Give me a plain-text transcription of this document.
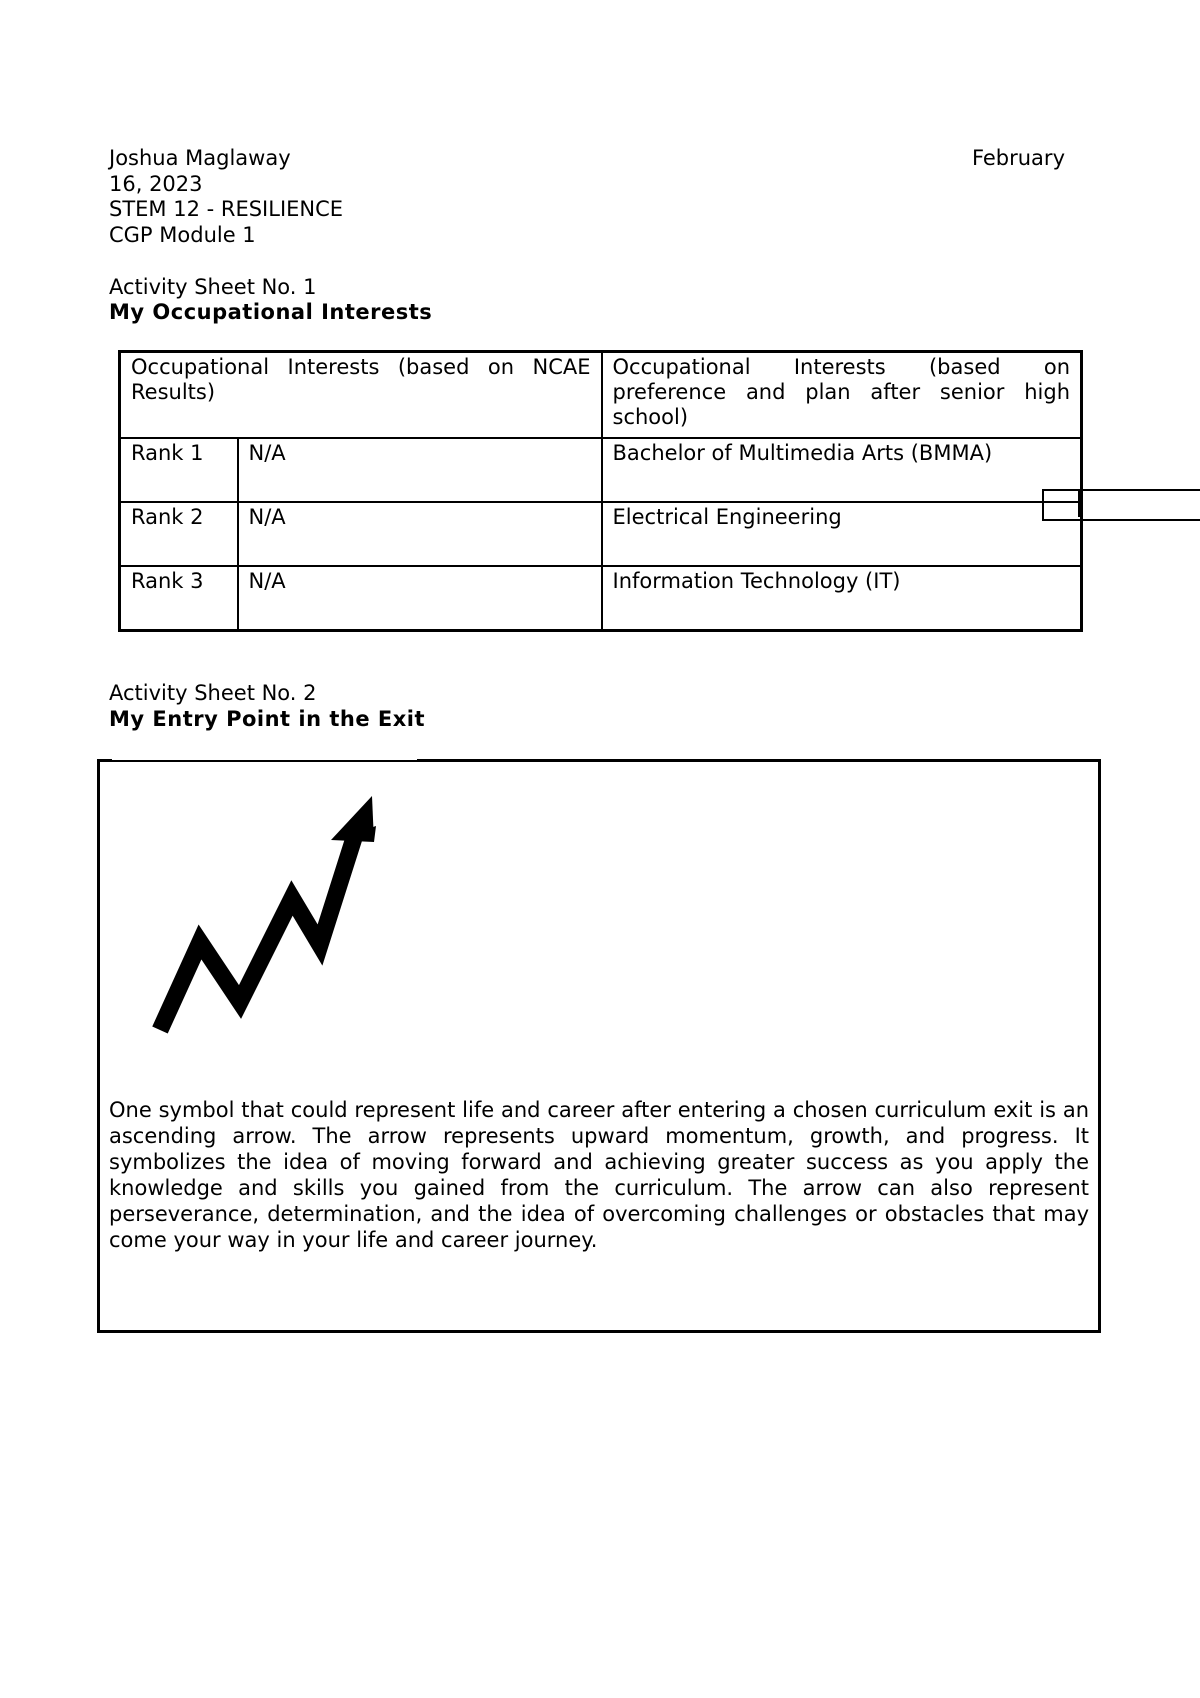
Joshua Maglaway	February
16, 2023
STEM 12 - RESILIENCE
CGP Module 1
Activity Sheet No. 1
My Occupational Interests
Occupational Interests (based on NCAE Results)		Occupational Interests (based on preference and plan after senior high school)
Rank 1	N/A	Bachelor of Multimedia Arts (BMMA)
Rank 2	N/A	Electrical Engineering
Rank 3	N/A	Information Technology (IT)
Activity Sheet No. 2
My Entry Point in the Exit
One symbol that could represent life and career after entering a chosen curriculum exit is an ascending arrow. The arrow represents upward momentum, growth, and progress. It symbolizes the idea of moving forward and achieving greater success as you apply the knowledge and skills you gained from the curriculum. The arrow can also represent perseverance, determination, and the idea of overcoming challenges or obstacles that may come your way in your life and career journey.
